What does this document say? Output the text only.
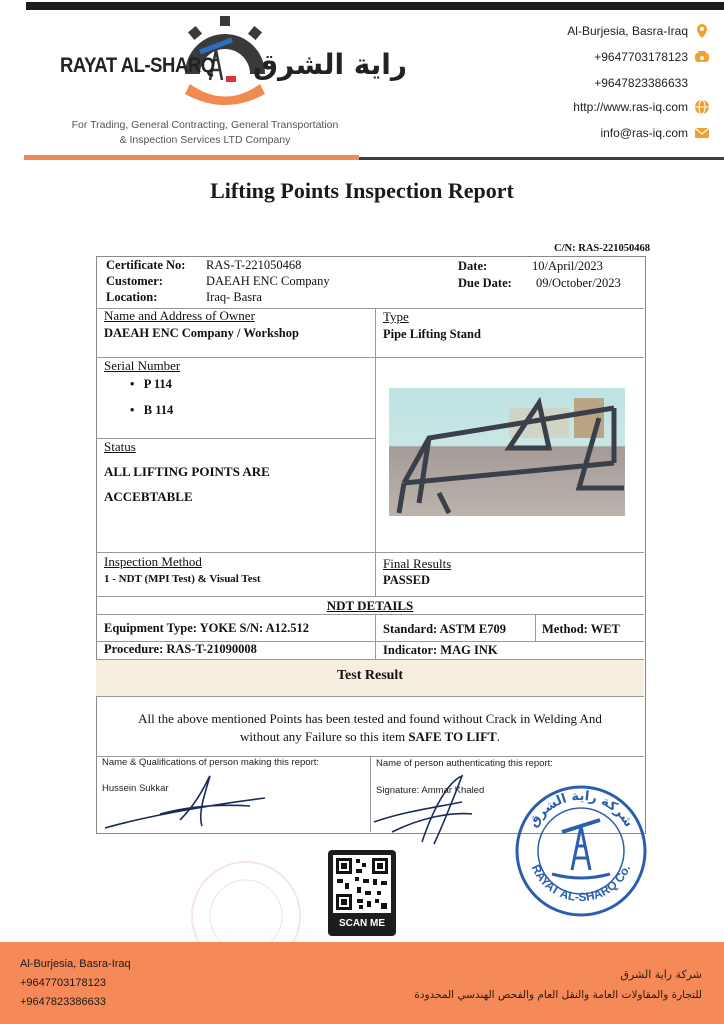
RAYAT AL-SHARQ راية الشرق
For Trading, General Contracting, General Transportation
& Inspection Services LTD Company
Al-Burjesia, Basra-Iraq
+9647703178123
+9647823386633
http://www.ras-iq.com
info@ras-iq.com
Lifting Points Inspection Report
C/N: RAS-221050468
Certificate No: RAS-T-221050468
Customer:	DAEAH ENC Company
Location:	Iraq- Basra
Date:	10/April/2023
Due Date: 09/October/2023
Name and Address of Owner
DAEAH ENC Company / Workshop
Type
Pipe Lifting Stand
Serial Number
•   P 114
•   B 114
Status
ALL LIFTING POINTS ARE
ACCEBTABLE
Inspection Method
1 - NDT (MPI Test) & Visual Test
Final Results
PASSED
NDT DETAILS
Equipment Type: YOKE S/N: A12.512	Standard: ASTM E709	Method: WET
Procedure: RAS-T-21090008	Indicator: MAG INK
Test Result
All the above mentioned Points has been tested and found without Crack in Welding And
without any Failure so this item SAFE TO LIFT.
Name & Qualifications of person making this report:
Hussein Sukkar
Name of person authenticating this report:
Signature: Ammar Khaled
شركة راية الشرق
RAYAT AL-SHARQ Co.
SCAN ME
Al-Burjesia, Basra-Iraq
+9647703178123
+9647823386633
شركة راية الشرق
للتجارة والمقاولات العامة والنقل العام والفحص الهندسي المحدودة
